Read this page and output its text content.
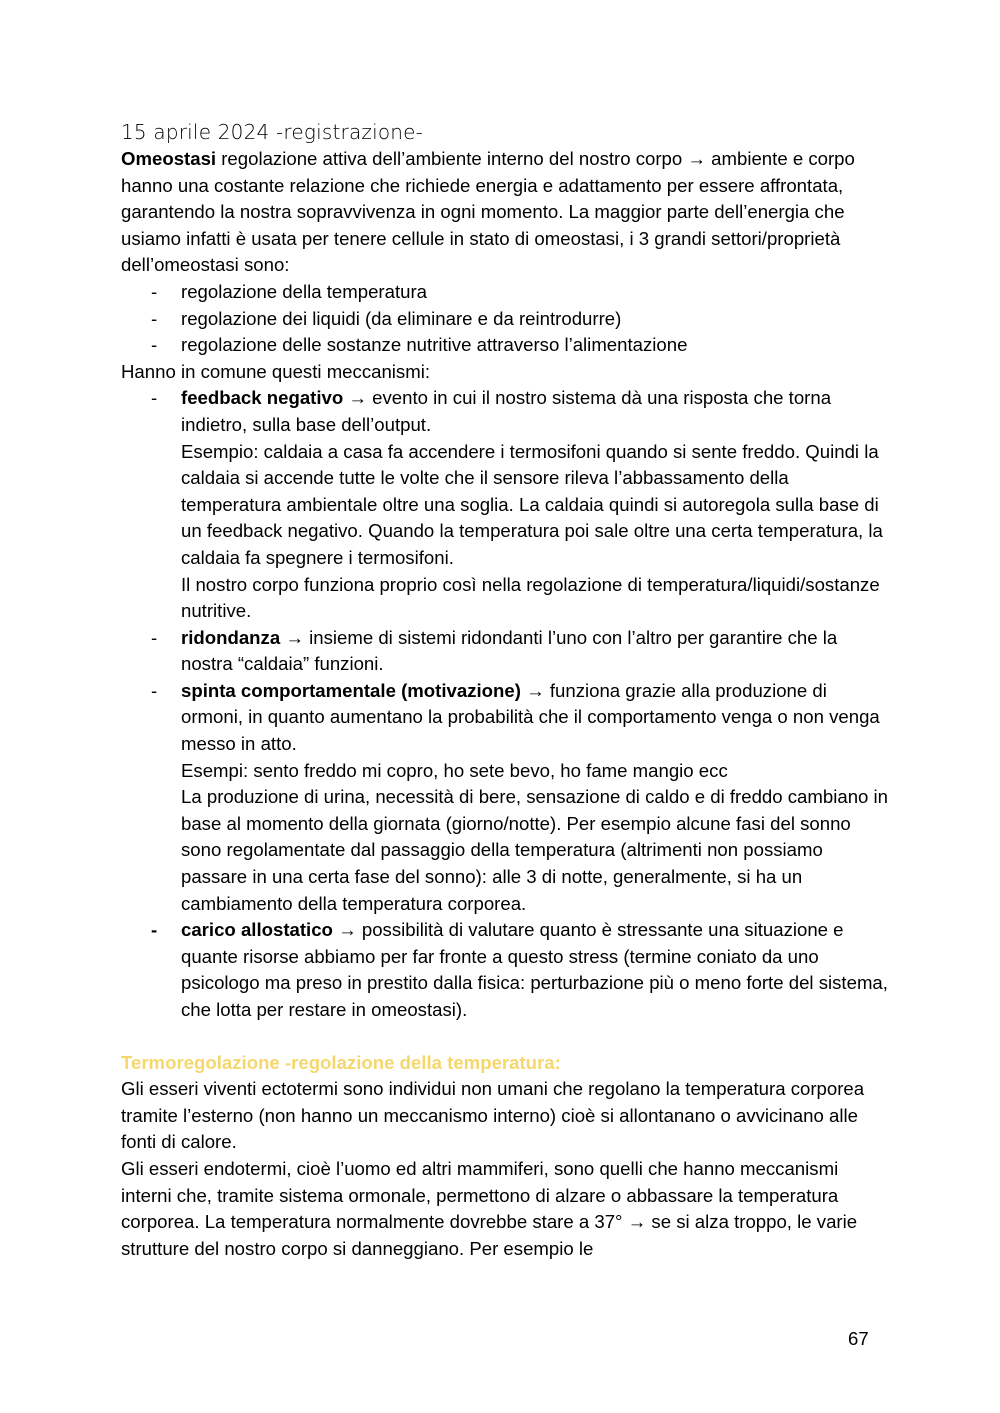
15 aprile 2024 -registrazione-

Omeostasi regolazione attiva dell’ambiente interno del nostro corpo → ambiente e corpo hanno una costante relazione che richiede energia e adattamento per essere affrontata, garantendo la nostra sopravvivenza in ogni momento. La maggior parte dell’energia che usiamo infatti è usata per tenere cellule in stato di omeostasi, i 3 grandi settori/proprietà dell’omeostasi sono:

- regolazione della temperatura
- regolazione dei liquidi (da eliminare e da reintrodurre)
- regolazione delle sostanze nutritive attraverso l’alimentazione

Hanno in comune questi meccanismi:

- feedback negativo → evento in cui il nostro sistema dà una risposta che torna indietro, sulla base dell’output.
Esempio: caldaia a casa fa accendere i termosifoni quando si sente freddo. Quindi la caldaia si accende tutte le volte che il sensore rileva l’abbassamento della temperatura ambientale oltre una soglia. La caldaia quindi si autoregola sulla base di un feedback negativo. Quando la temperatura poi sale oltre una certa temperatura, la caldaia fa spegnere i termosifoni.
Il nostro corpo funziona proprio così nella regolazione di temperatura/liquidi/sostanze nutritive.
- ridondanza → insieme di sistemi ridondanti l’uno con l’altro per garantire che la nostra “caldaia” funzioni.
- spinta comportamentale (motivazione) → funziona grazie alla produzione di ormoni, in quanto aumentano la probabilità che il comportamento venga o non venga messo in atto.
Esempi: sento freddo mi copro, ho sete bevo, ho fame mangio ecc
La produzione di urina, necessità di bere, sensazione di caldo e di freddo cambiano in base al momento della giornata (giorno/notte). Per esempio alcune fasi del sonno sono regolamentate dal passaggio della temperatura (altrimenti non possiamo passare in una certa fase del sonno): alle 3 di notte, generalmente, si ha un cambiamento della temperatura corporea.
- carico allostatico → possibilità di valutare quanto è stressante una situazione e quante risorse abbiamo per far fronte a questo stress (termine coniato da uno psicologo ma preso in prestito dalla fisica: perturbazione più o meno forte del sistema, che lotta per restare in omeostasi).

Termoregolazione -regolazione della temperatura:

Gli esseri viventi ectotermi sono individui non umani che regolano la temperatura corporea tramite l’esterno (non hanno un meccanismo interno) cioè si allontanano o avvicinano alle fonti di calore.

Gli esseri endotermi, cioè l’uomo ed altri mammiferi, sono quelli che hanno meccanismi interni che, tramite sistema ormonale, permettono di alzare o abbassare la temperatura corporea. La temperatura normalmente dovrebbe stare a 37° → se si alza troppo, le varie strutture del nostro corpo si danneggiano. Per esempio le

67
